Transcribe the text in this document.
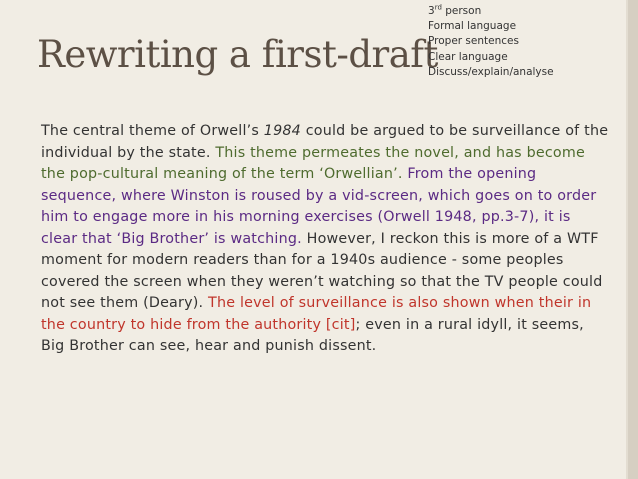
Rewriting a first-draft
3rd person
Formal language
Proper sentences
Clear language
Discuss/explain/analyse

The central theme of Orwell’s 1984 could be argued to be surveillance of the individual by the state. This theme permeates the novel, and has become the pop-cultural meaning of the term ‘Orwellian’. From the opening sequence, where Winston is roused by a vid-screen, which goes on to order him to engage more in his morning exercises (Orwell 1948, pp.3-7), it is clear that ‘Big Brother’ is watching. However, I reckon this is more of a WTF moment for modern readers than for a 1940s audience - some peoples covered the screen when they weren’t watching so that the TV people could not see them (Deary). The level of surveillance is also shown when their in the country to hide from the authority [cit]; even in a rural idyll, it seems, Big Brother can see, hear and punish dissent.
